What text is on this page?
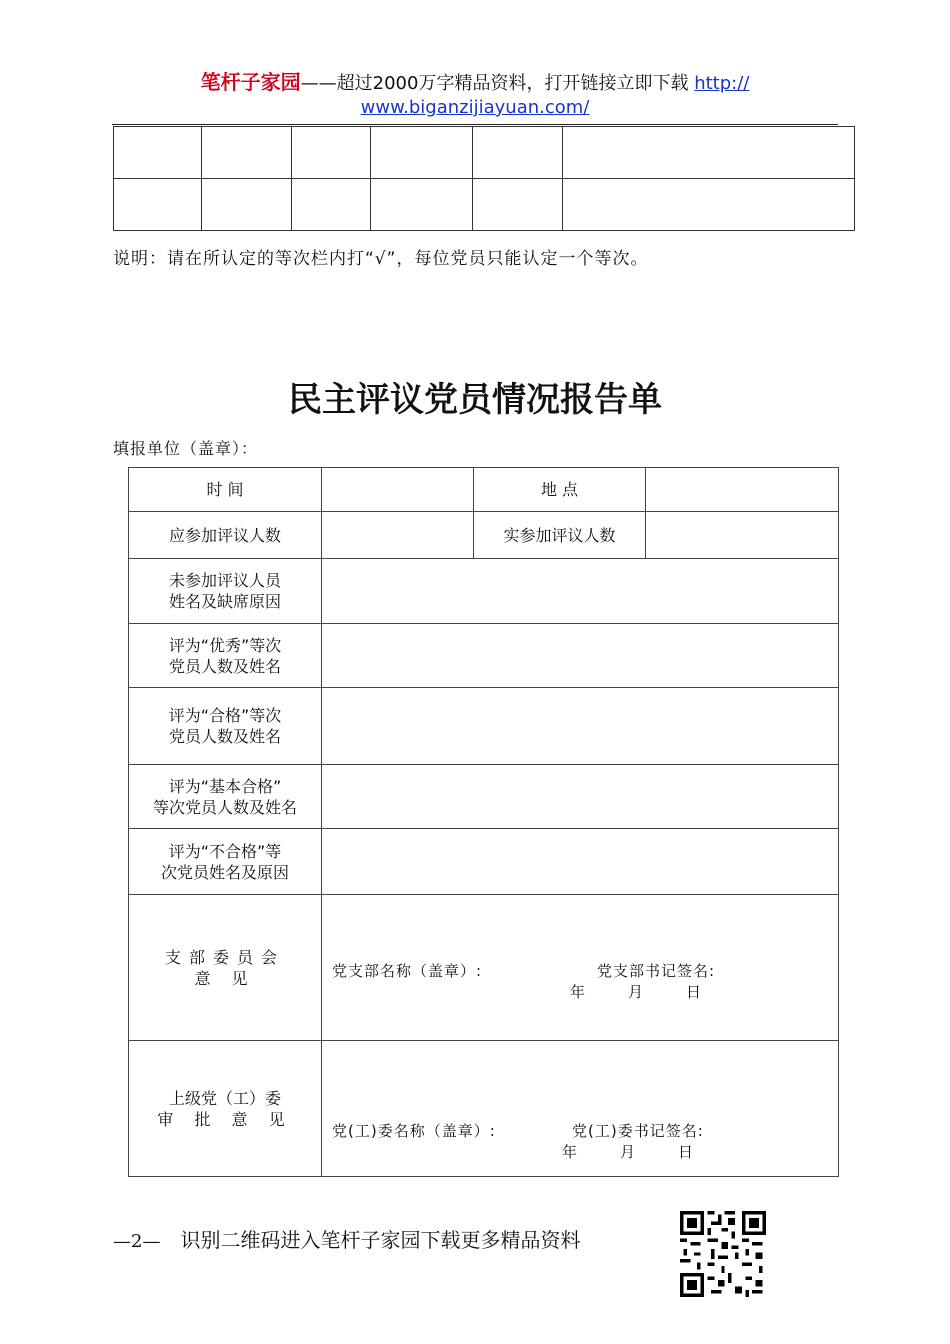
笔杆子家园——超过2000万字精品资料，打开链接立即下载 http://
www.biganzijiayuan.com/

说明：请在所认定的等次栏内打“√”，每位党员只能认定一个等次。
民主评议党员情况报告单
填报单位（盖章）：
时 间		地 点	
应参加评议人数		实参加评议人数	
未参加评议人员
姓名及缺席原因			
评为“优秀”等次
党员人数及姓名			
评为“合格”等次
党员人数及姓名			
评为“基本合格”
等次党员人数及姓名			
评为“不合格”等
次党员姓名及原因			
支部委员会
意 见	党支部名称（盖章）: 党支部书记签名:
年 月 日		

上级党（工）委
审 批 意 见	党(工)委名称（盖章）: 党(工)委书记签名:
年 月 日		
—2— 识别二维码进入笔杆子家园下载更多精品资料
